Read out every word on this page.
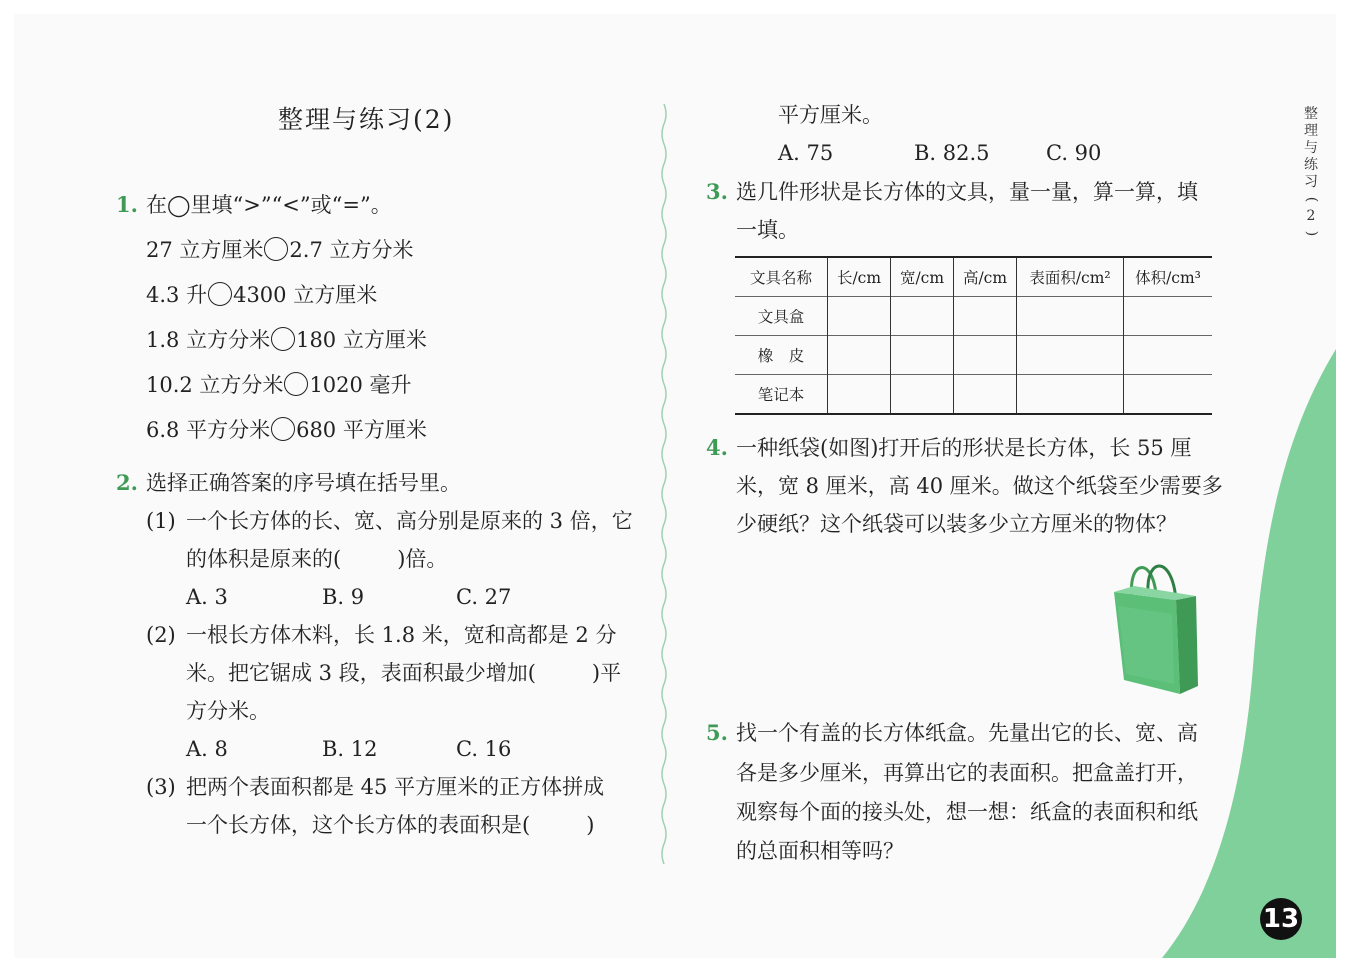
整理与练习(2)
1. 在◯里填“>”“<”或“=”。
27 立方厘米 2.7 立方分米
4.3 升 4300 立方厘米
1.8 立方分米 180 立方厘米
10.2 立方分米 1020 毫升
6.8 平方分米 680 平方厘米
2. 选择正确答案的序号填在括号里。
(1) 一个长方体的长、宽、高分别是原来的 3 倍，它
的体积是原来的(	)倍。
A. 3	B. 9	C. 27
(2) 一根长方体木料，长 1.8 米，宽和高都是 2 分
米。把它锯成 3 段，表面积最少增加(	)平
方分米。
A. 8	B. 12	C. 16
(3) 把两个表面积都是 45 平方厘米的正方体拼成
一个长方体，这个长方体的表面积是(	)
平方厘米。
A. 75	B. 82.5	C. 90
3. 选几件形状是长方体的文具，量一量，算一算，填
一填。
文具名称	长/cm	宽/cm	高/cm	表面积/cm²	体积/cm³
文具盒					
橡　皮					
笔记本					
4. 一种纸袋(如图)打开后的形状是长方体，长 55 厘
米，宽 8 厘米，高 40 厘米。做这个纸袋至少需要多
少硬纸？这个纸袋可以装多少立方厘米的物体？
5. 找一个有盖的长方体纸盒。先量出它的长、宽、高
各是多少厘米，再算出它的表面积。把盒盖打开，
观察每个面的接头处，想一想：纸盒的表面积和纸
的总面积相等吗？
整
理
与
练
习
(
2
)
13
